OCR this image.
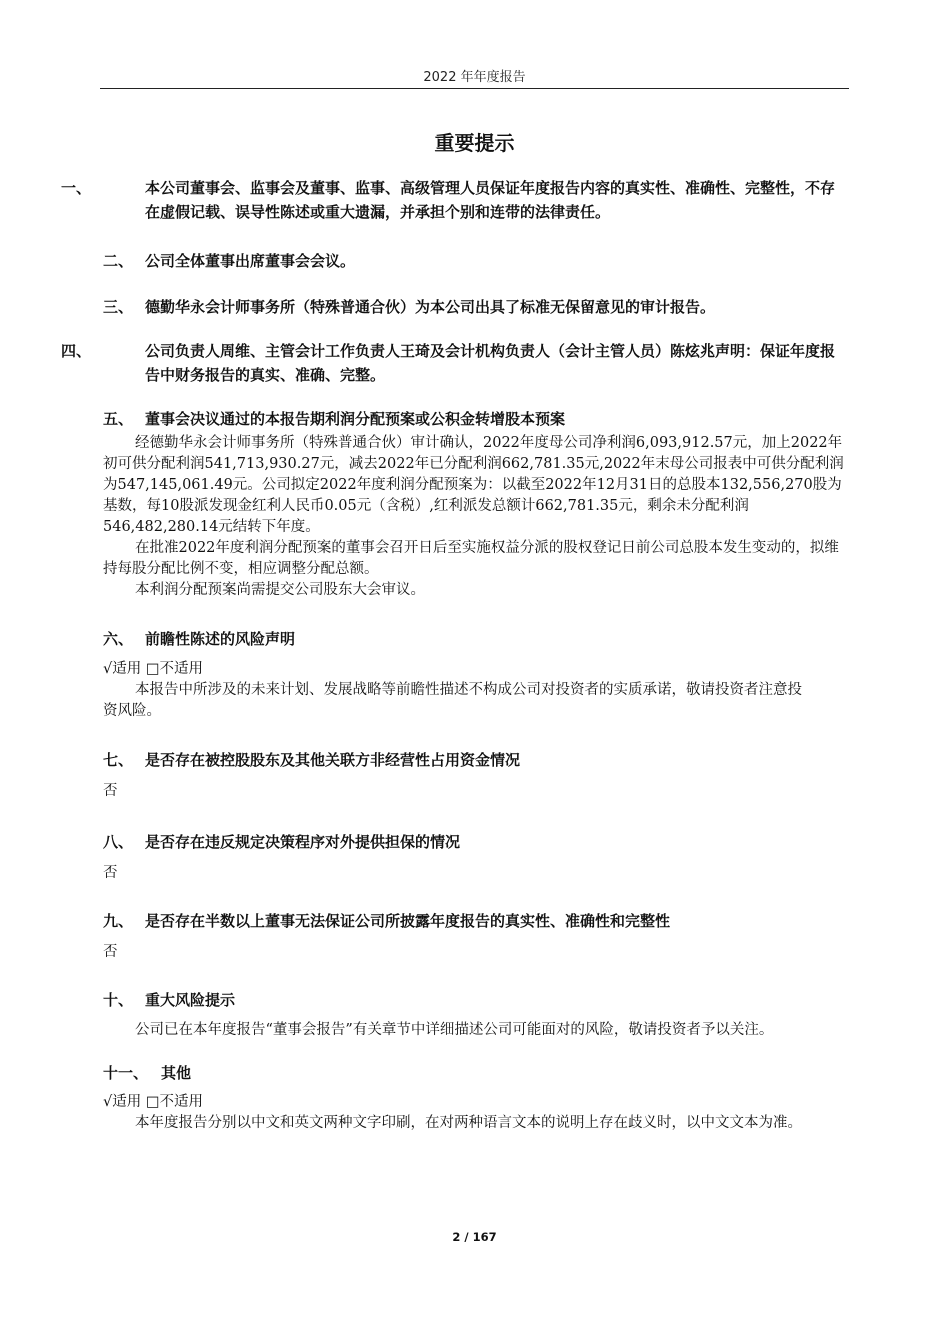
2022 年年度报告
重要提示

一、	本公司董事会、监事会及董事、监事、高级管理人员保证年度报告内容的真实性、准确性、完整性，不存在虚假记载、误导性陈述或重大遗漏，并承担个别和连带的法律责任。

二、 公司全体董事出席董事会会议。

三、 德勤华永会计师事务所（特殊普通合伙）为本公司出具了标准无保留意见的审计报告。

四、	公司负责人周维、主管会计工作负责人王琦及会计机构负责人（会计主管人员）陈炫兆声明：保证年度报告中财务报告的真实、准确、完整。

五、 董事会决议通过的本报告期利润分配预案或公积金转增股本预案

经德勤华永会计师事务所（特殊普通合伙）审计确认，2022年度母公司净利润6,093,912.57元，加上2022年初可供分配利润541,713,930.27元，减去2022年已分配利润662,781.35元,2022年末母公司报表中可供分配利润为547,145,061.49元。公司拟定2022年度利润分配预案为：以截至2022年12月31日的总股本132,556,270股为基数，每10股派发现金红利人民币0.05元（含税）,红利派发总额计662,781.35元，剩余未分配利润546,482,280.14元结转下年度。

在批准2022年度利润分配预案的董事会召开日后至实施权益分派的股权登记日前公司总股本发生变动的，拟维持每股分配比例不变，相应调整分配总额。

本利润分配预案尚需提交公司股东大会审议。

六、 前瞻性陈述的风险声明

√适用 □不适用

本报告中所涉及的未来计划、发展战略等前瞻性描述不构成公司对投资者的实质承诺，敬请投资者注意投资风险。

七、 是否存在被控股股东及其他关联方非经营性占用资金情况

否

八、 是否存在违反规定决策程序对外提供担保的情况

否

九、 是否存在半数以上董事无法保证公司所披露年度报告的真实性、准确性和完整性

否

十、 重大风险提示

公司已在本年度报告“董事会报告”有关章节中详细描述公司可能面对的风险，敬请投资者予以关注。

十一、 其他

√适用 □不适用

本年度报告分别以中文和英文两种文字印刷，在对两种语言文本的说明上存在歧义时，以中文文本为准。

2 / 167
